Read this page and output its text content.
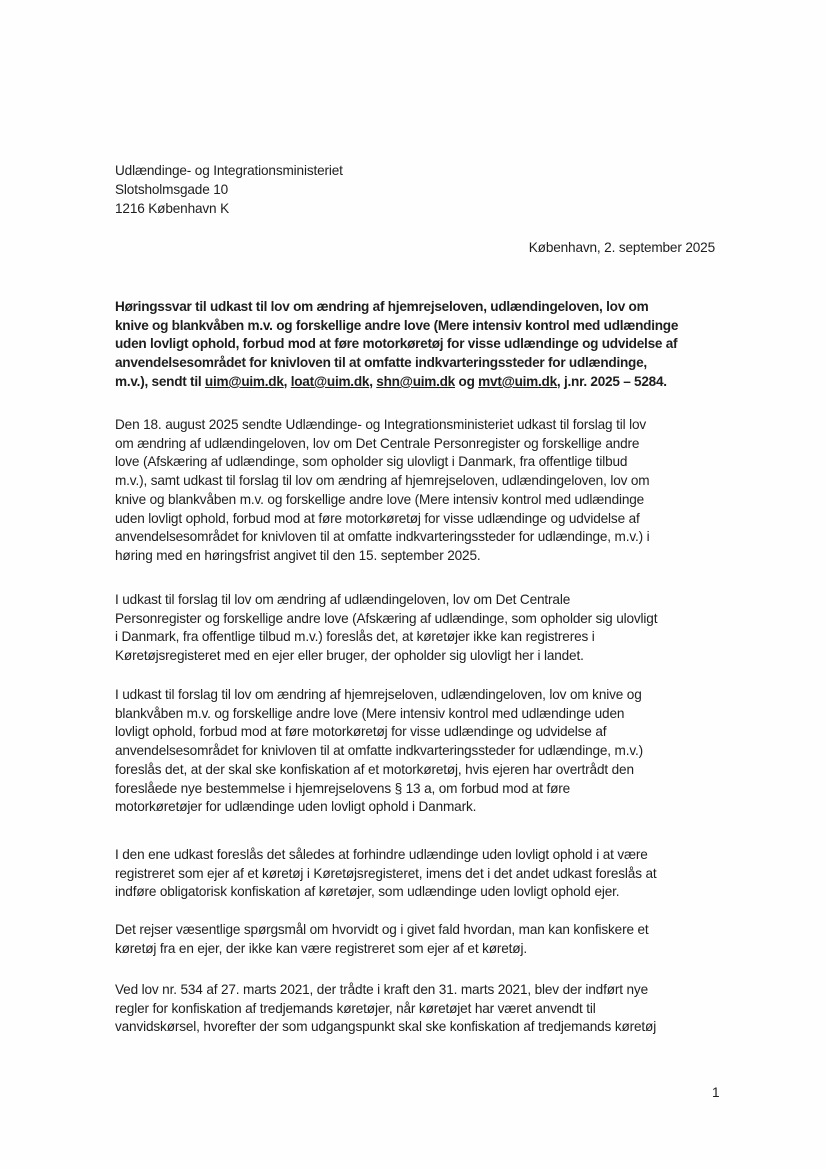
Udlændinge- og Integrationsministeriet
Slotsholmsgade 10
1216 København K
København, 2. september 2025
Høringssvar til udkast til lov om ændring af hjemrejseloven, udlændingeloven, lov om
knive og blankvåben m.v. og forskellige andre love (Mere intensiv kontrol med udlændinge
uden lovligt ophold, forbud mod at føre motorkøretøj for visse udlændinge og udvidelse af
anvendelsesområdet for knivloven til at omfatte indkvarteringssteder for udlændinge,
m.v.), sendt til uim@uim.dk, loat@uim.dk, shn@uim.dk og mvt@uim.dk, j.nr. 2025 – 5284.
Den 18. august 2025 sendte Udlændinge- og Integrationsministeriet udkast til forslag til lov
om ændring af udlændingeloven, lov om Det Centrale Personregister og forskellige andre
love (Afskæring af udlændinge, som opholder sig ulovligt i Danmark, fra offentlige tilbud
m.v.), samt udkast til forslag til lov om ændring af hjemrejseloven, udlændingeloven, lov om
knive og blankvåben m.v. og forskellige andre love (Mere intensiv kontrol med udlændinge
uden lovligt ophold, forbud mod at føre motorkøretøj for visse udlændinge og udvidelse af
anvendelsesområdet for knivloven til at omfatte indkvarteringssteder for udlændinge, m.v.) i
høring med en høringsfrist angivet til den 15. september 2025.
I udkast til forslag til lov om ændring af udlændingeloven, lov om Det Centrale
Personregister og forskellige andre love (Afskæring af udlændinge, som opholder sig ulovligt
i Danmark, fra offentlige tilbud m.v.) foreslås det, at køretøjer ikke kan registreres i
Køretøjsregisteret med en ejer eller bruger, der opholder sig ulovligt her i landet.
I udkast til forslag til lov om ændring af hjemrejseloven, udlændingeloven, lov om knive og
blankvåben m.v. og forskellige andre love (Mere intensiv kontrol med udlændinge uden
lovligt ophold, forbud mod at føre motorkøretøj for visse udlændinge og udvidelse af
anvendelsesområdet for knivloven til at omfatte indkvarteringssteder for udlændinge, m.v.)
foreslås det, at der skal ske konfiskation af et motorkøretøj, hvis ejeren har overtrådt den
foreslåede nye bestemmelse i hjemrejselovens § 13 a, om forbud mod at føre
motorkøretøjer for udlændinge uden lovligt ophold i Danmark.
I den ene udkast foreslås det således at forhindre udlændinge uden lovligt ophold i at være
registreret som ejer af et køretøj i Køretøjsregisteret, imens det i det andet udkast foreslås at
indføre obligatorisk konfiskation af køretøjer, som udlændinge uden lovligt ophold ejer.
Det rejser væsentlige spørgsmål om hvorvidt og i givet fald hvordan, man kan konfiskere et
køretøj fra en ejer, der ikke kan være registreret som ejer af et køretøj.
Ved lov nr. 534 af 27. marts 2021, der trådte i kraft den 31. marts 2021, blev der indført nye
regler for konfiskation af tredjemands køretøjer, når køretøjet har været anvendt til
vanvidskørsel, hvorefter der som udgangspunkt skal ske konfiskation af tredjemands køretøj
1
